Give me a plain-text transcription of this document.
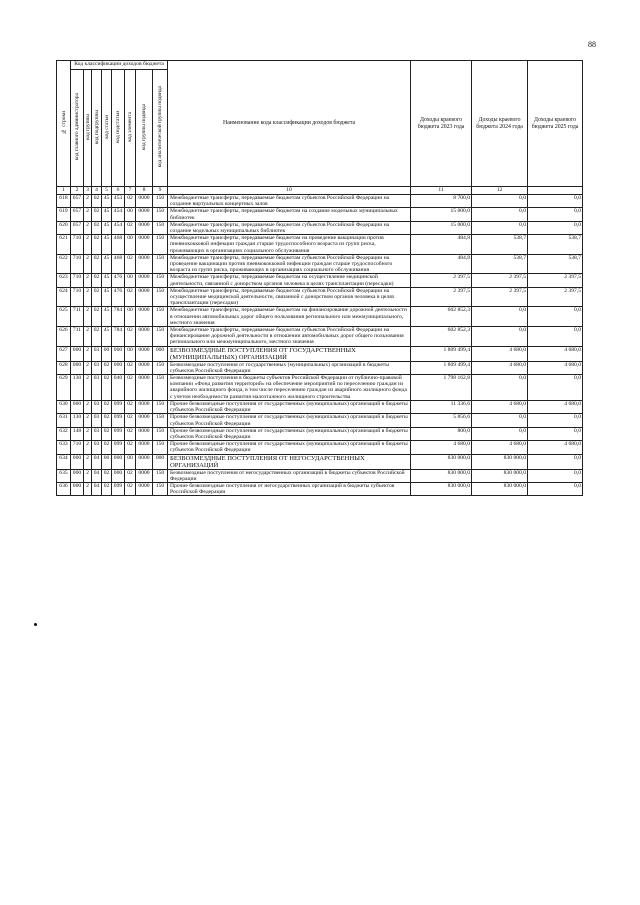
88
№ строки	Код классификации доходов бюджета								Наименование кода классификации доходов бюджета	Доходы краевого бюджета 2023 года	Доходы краевого бюджета 2024 года	Доходы краевого бюджета 2025 года
	код главного администратора	код группы	код подгруппы	код статьи	код подстатьи	код элемента	код группы подвида	код аналитической группы подвида				
1	2	3	4	5	6	7	8	9	10	11	12	
618	057	2	02	45	453	02	0000	150	Межбюджетные трансферты, передаваемые бюджетам субъектов Российской Федерации на создание виртуальных концертных залов	8 700,0	0,0	0,0
619	057	2	02	45	454	00	0000	150	Межбюджетные трансферты, передаваемые бюджетам на создание модельных муниципальных библиотек	15 000,0	0,0	0,0
620	057	2	02	45	454	02	0000	150	Межбюджетные трансферты, передаваемые бюджетам субъектов Российской Федерации на создание модельных муниципальных библиотек	15 000,0	0,0	0,0
621	710	2	02	45	468	00	0000	150	Межбюджетные трансферты, передаваемые бюджетам на проведение вакцинации против пневмококковой инфекции граждан старше трудоспособного возраста из групп риска, проживающих в организациях социального обслуживания	484,8	538,7	538,7
622	710	2	02	45	468	02	0000	150	Межбюджетные трансферты, передаваемые бюджетам субъектов Российской Федерации на проведение вакцинации против пневмококковой инфекции граждан старше трудоспособного возраста из групп риска, проживающих в организациях социального обслуживания	484,8	538,7	538,7
623	710	2	02	45	476	00	0000	150	Межбюджетные трансферты, передаваемые бюджетам на осуществление медицинской деятельности, связанной с донорством органов человека в целях трансплантации (пересадки)	2 397,5	2 397,5	2 397,5
624	710	2	02	45	476	02	0000	150	Межбюджетные трансферты, передаваемые бюджетам субъектов Российской Федерации на осуществление медицинской деятельности, связанной с донорством органов человека в целях трансплантации (пересадки)	2 397,5	2 397,5	2 397,5
625	711	2	02	45	784	00	0000	150	Межбюджетные трансферты, передаваемые бюджетам на финансирование дорожной деятельности в отношении автомобильных дорог общего пользования регионального или межмуниципального, местного значения	602 852,3	0,0	0,0
626	711	2	02	45	784	02	0000	150	Межбюджетные трансферты, передаваемые бюджетам субъектов Российской Федерации на финансирование дорожной деятельности в отношении автомобильных дорог общего пользования регионального или межмуниципального, местного значения	602 852,3	0,0	0,0
627	000	2	03	00	000	00	0000	000	БЕЗВОЗМЕЗДНЫЕ ПОСТУПЛЕНИЯ ОТ ГОСУДАРСТВЕННЫХ (МУНИЦИПАЛЬНЫХ) ОРГАНИЗАЦИЙ	1 809 499,4	4 680,0	4 680,0
628	000	2	03	02	000	02	0000	150	Безвозмездные поступления от государственных (муниципальных) организаций в бюджеты субъектов Российской Федерации	1 809 499,4	4 680,0	4 680,0
629	130	2	03	02	040	02	0000	150	Безвозмездные поступления в бюджеты субъектов Российской Федерации от публично-правовой компании «Фонд развития территорий» на обеспечение мероприятий по переселению граждан из аварийного жилищного фонда, в том числе переселению граждан из аварийного жилищного фонда с учетом необходимости развития малоэтажного жилищного строительства	1 798 162,8	0,0	0,0
630	000	2	03	02	099	02	0000	150	Прочие безвозмездные поступления от государственных (муниципальных) организаций в бюджеты субъектов Российской Федерации	11 336,6	4 680,0	4 680,0
631	130	2	03	02	099	02	0000	150	Прочие безвозмездные поступления от государственных (муниципальных) организаций в бюджеты субъектов Российской Федерации	5 856,6	0,0	0,0
632	148	2	03	02	099	02	0000	150	Прочие безвозмездные поступления от государственных (муниципальных) организаций в бюджеты субъектов Российской Федерации	800,0	0,0	0,0
633	710	2	03	02	099	02	0000	150	Прочие безвозмездные поступления от государственных (муниципальных) организаций в бюджеты субъектов Российской Федерации	4 680,0	4 680,0	4 680,0
634	000	2	04	00	000	00	0000	000	БЕЗВОЗМЕЗДНЫЕ ПОСТУПЛЕНИЯ ОТ НЕГОСУДАРСТВЕННЫХ ОРГАНИЗАЦИЙ	830 000,0	830 000,0	0,0
635	000	2	04	02	000	02	0000	150	Безвозмездные поступления от негосударственных организаций в бюджеты субъектов Российской Федерации	830 000,0	830 000,0	0,0
636	000	2	04	02	099	02	0000	150	Прочие безвозмездные поступления от негосударственных организаций в бюджеты субъектов Российской Федерации	830 000,0	830 000,0	0,0
